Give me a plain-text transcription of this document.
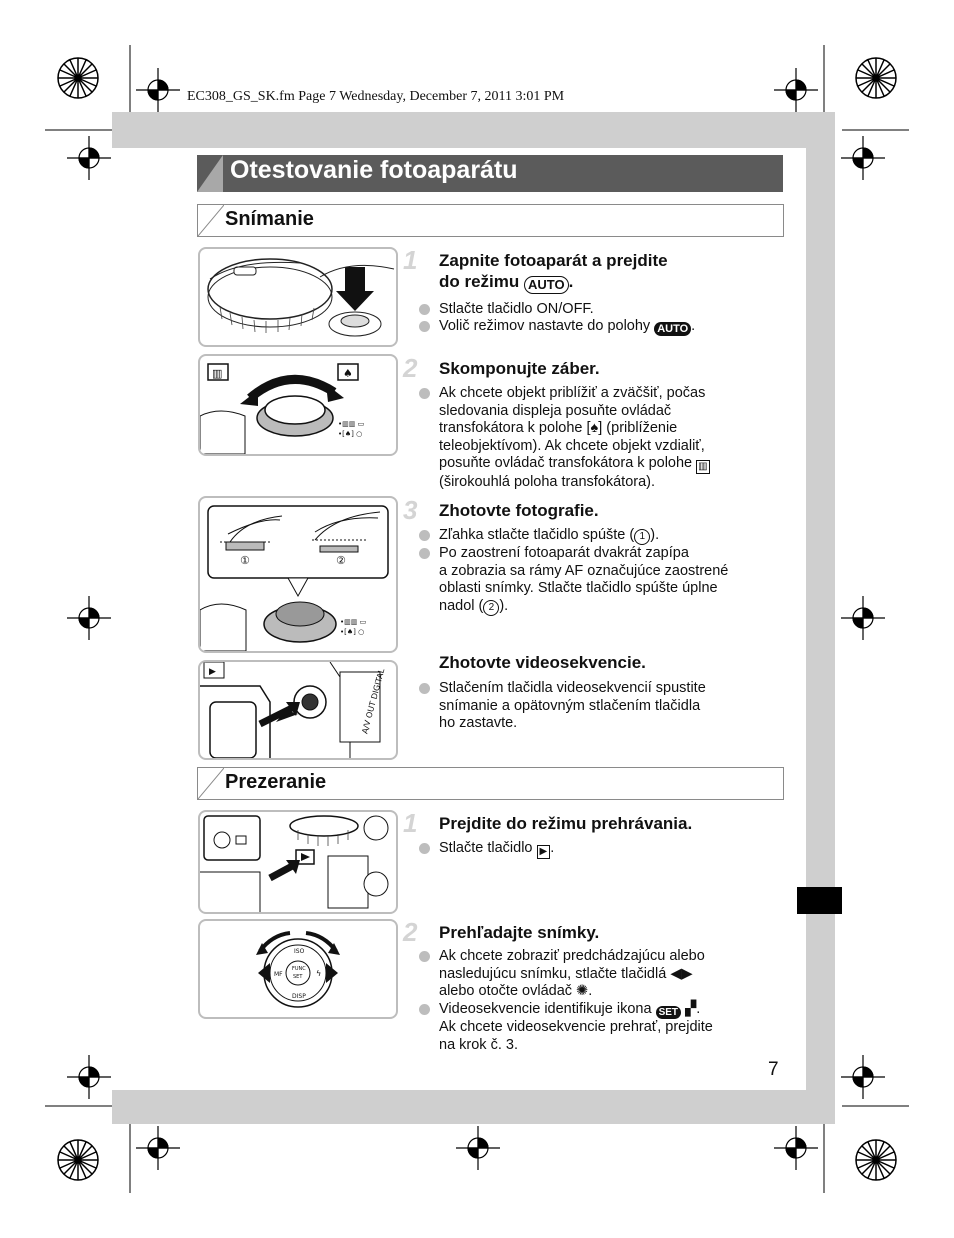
EC308_GS_SK.fm Page 7 Wednesday, December 7, 2011 3:01 PM
Otestovanie fotoaparátu
Snímanie
1 Zapnite fotoaparát a prejdite
do režimu AUTO .
Stlačte tlačidlo ON/OFF.
Volič režimov nastavte do polohy AUTO .
▥	♠
•▥▥ ▭
•[♠] ○
2 Skomponujte záber.
Ak chcete objekt priblížiť a zväčšiť, počas
sledovania displeja posuňte ovládač
transfokátora k polohe [♠] (priblíženie
teleobjektívom). Ak chcete objekt vzdialiť,
posuňte ovládač transfokátora k polohe ▥
(širokouhlá poloha transfokátora).
①	②
•▥▥ ▭
•[♠] ○
3 Zhotovte fotografie.
Zľahka stlačte tlačidlo spúšte ( 1 ).
Po zaostrení fotoaparát dvakrát zapípa
a zobrazia sa rámy AF označujúce zaostrené
oblasti snímky. Stlačte tlačidlo spúšte úplne
nadol ( 2 ).
▶	A/V OUT DIGITAL
Zhotovte videosekvencie.
Stlačením tlačidla videosekvencií spustite
snímanie a opätovným stlačením tlačidla
ho zastavte.
Prezeranie
1 Prejdite do režimu prehrávania.
Stlačte tlačidlo ▶ .
FUNC
SET
ISO
DISP
MF	ϟ
2 Prehľadajte snímky.
Ak chcete zobraziť predchádzajúcu alebo
nasledujúcu snímku, stlačte tlačidlá ◀▶
alebo otočte ovládač ✺.
Videosekvencie identifikuje ikona SET ▞.
Ak chcete videosekvencie prehrať, prejdite
na krok č. 3.
7
